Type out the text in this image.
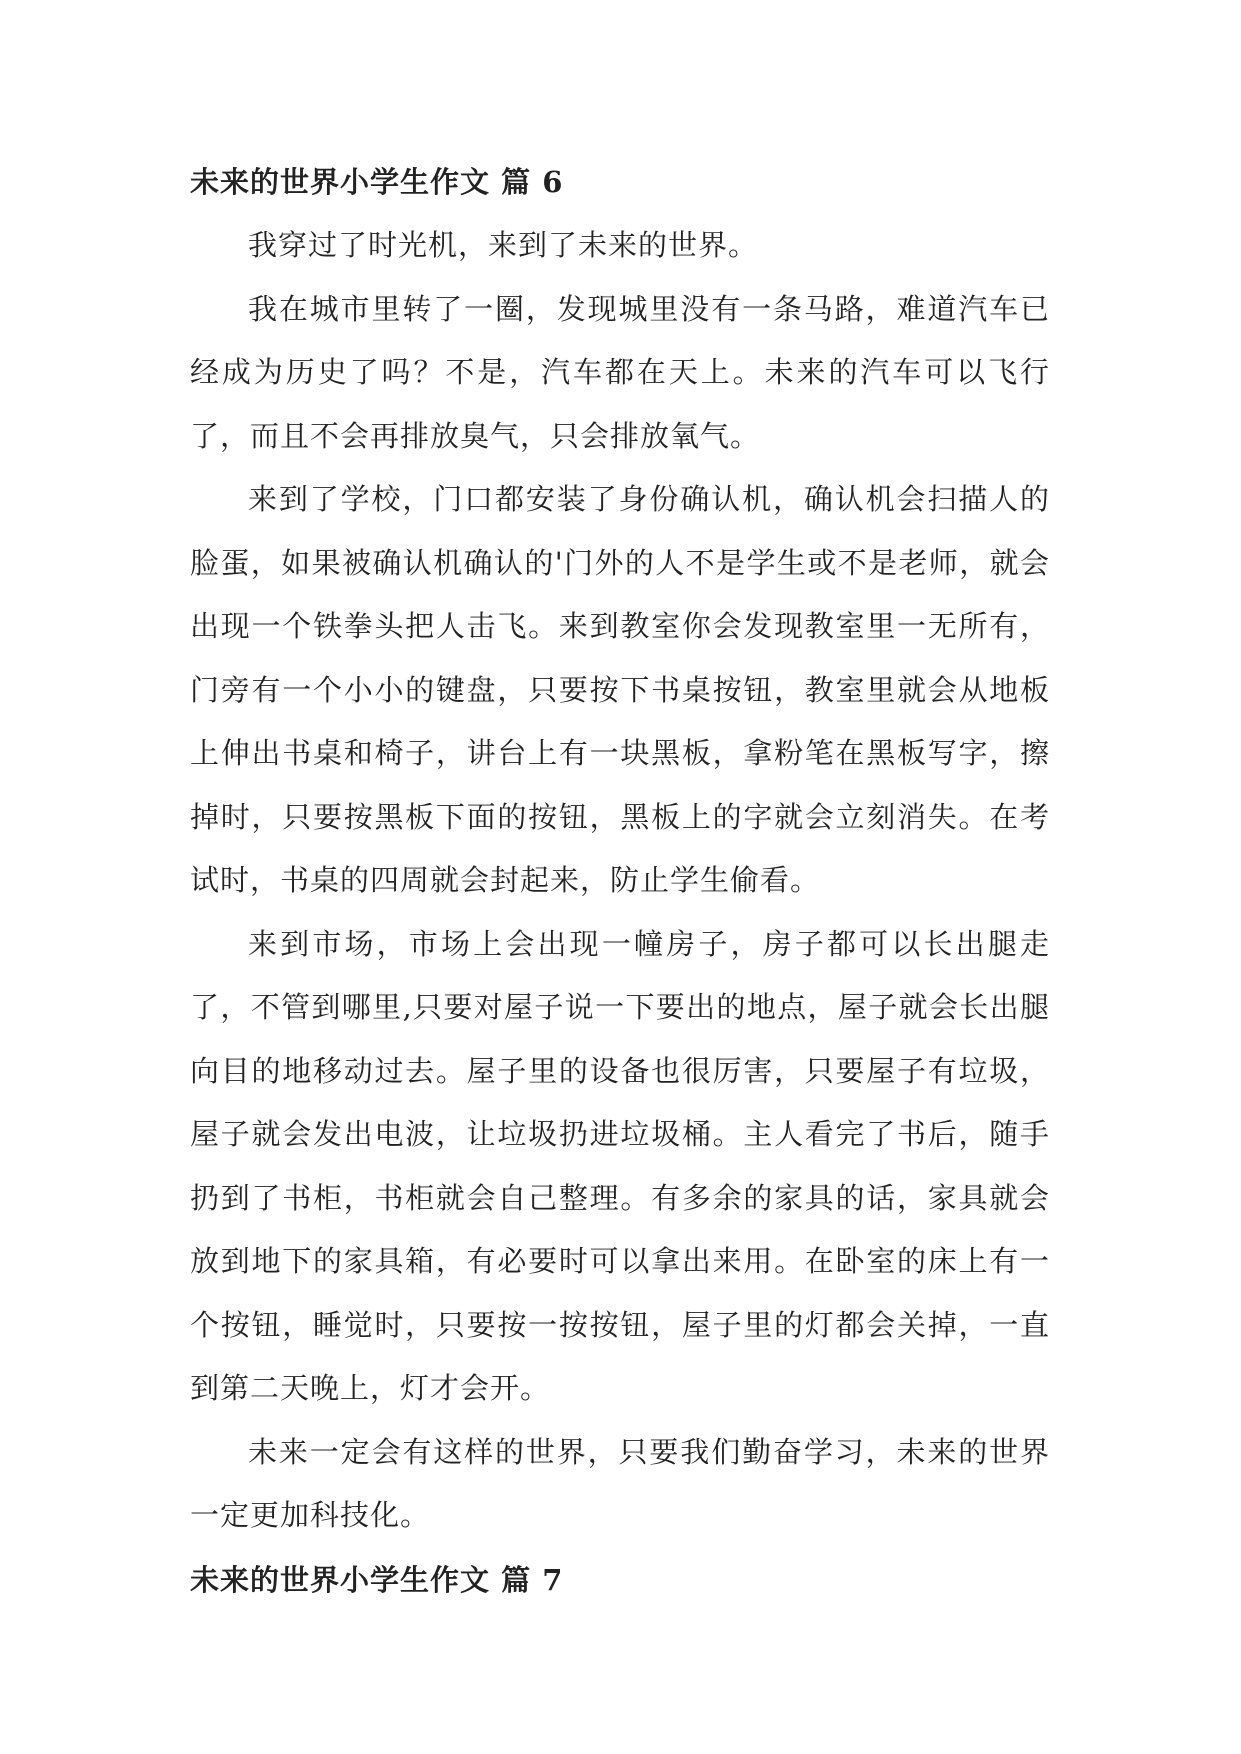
未来的世界小学生作文 篇 6

我穿过了时光机，来到了未来的世界。

我在城市里转了一圈，发现城里没有一条马路，难道汽车已经成为历史了吗？不是，汽车都在天上。未来的汽车可以飞行了，而且不会再排放臭气，只会排放氧气。

来到了学校，门口都安装了身份确认机，确认机会扫描人的脸蛋，如果被确认机确认的'门外的人不是学生或不是老师，就会出现一个铁拳头把人击飞。来到教室你会发现教室里一无所有，门旁有一个小小的键盘，只要按下书桌按钮，教室里就会从地板上伸出书桌和椅子，讲台上有一块黑板，拿粉笔在黑板写字，擦掉时，只要按黑板下面的按钮，黑板上的字就会立刻消失。在考试时，书桌的四周就会封起来，防止学生偷看。

来到市场，市场上会出现一幢房子，房子都可以长出腿走了，不管到哪里,只要对屋子说一下要出的地点，屋子就会长出腿向目的地移动过去。屋子里的设备也很厉害，只要屋子有垃圾，屋子就会发出电波，让垃圾扔进垃圾桶。主人看完了书后，随手扔到了书柜，书柜就会自己整理。有多余的家具的话，家具就会放到地下的家具箱，有必要时可以拿出来用。在卧室的床上有一个按钮，睡觉时，只要按一按按钮，屋子里的灯都会关掉，一直到第二天晚上，灯才会开。

未来一定会有这样的世界，只要我们勤奋学习，未来的世界一定更加科技化。

未来的世界小学生作文 篇 7
